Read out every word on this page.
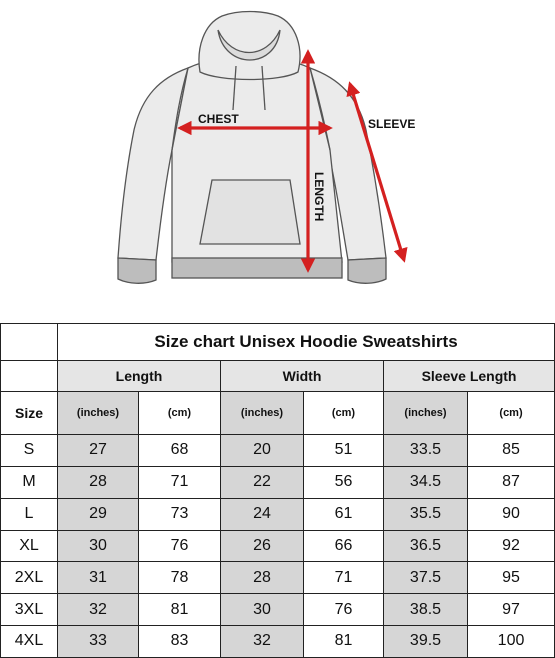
CHEST	SLEEVE
LENGTH
	Size chart Unisex Hoodie Sweatshirts					
	Length		Width		Sleeve Length	
Size	(inches)	(cm)	(inches)	(cm)	(inches)	(cm)
S	27	68	20	51	33.5	85
M	28	71	22	56	34.5	87
L	29	73	24	61	35.5	90
XL	30	76	26	66	36.5	92
2XL	31	78	28	71	37.5	95
3XL	32	81	30	76	38.5	97
4XL	33	83	32	81	39.5	100
